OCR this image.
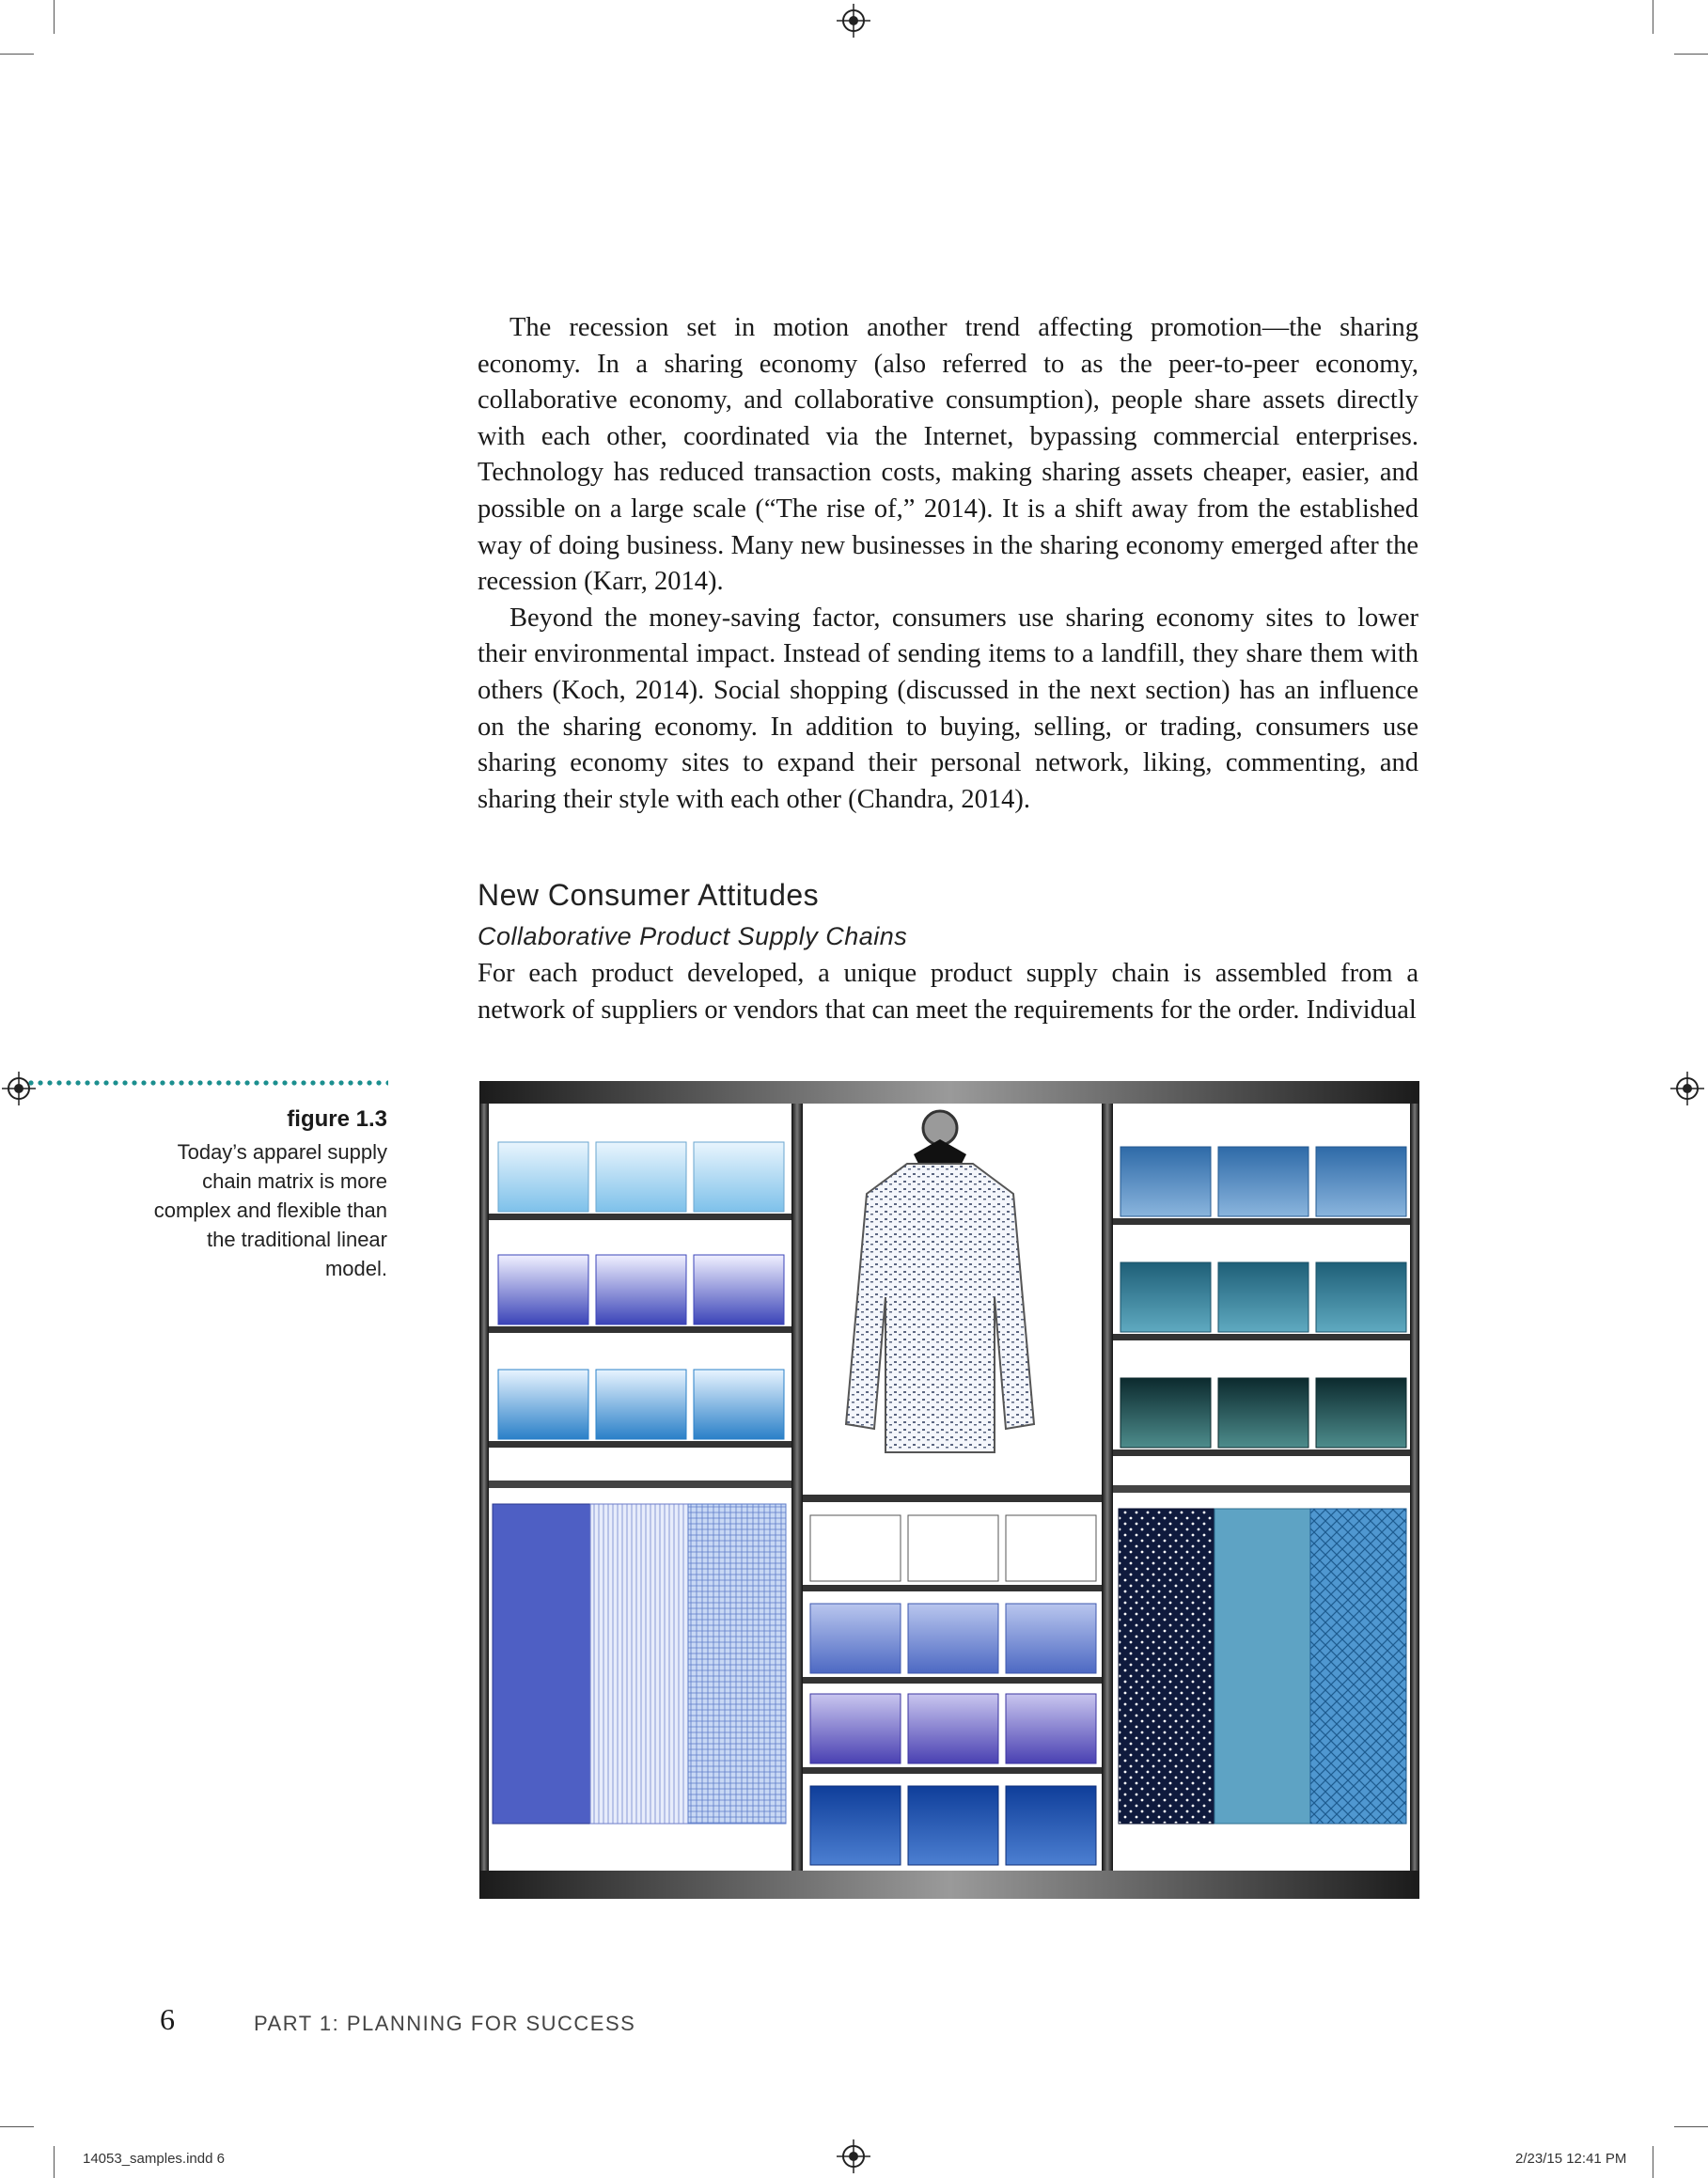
The recession set in motion another trend affecting promotion—the sharing economy. In a sharing economy (also referred to as the peer-to-peer economy, collaborative economy, and collaborative consumption), people share assets directly with each other, coordinated via the Internet, bypassing commercial enterprises. Technology has reduced transaction costs, making sharing assets cheaper, easier, and possible on a large scale (“The rise of,” 2014). It is a shift away from the established way of doing business. Many new businesses in the sharing economy emerged after the recession (Karr, 2014).

Beyond the money-saving factor, consumers use sharing economy sites to lower their environmental impact. Instead of sending items to a landfill, they share them with others (Koch, 2014). Social shopping (discussed in the next section) has an influence on the sharing economy. In addition to buying, selling, or trading, consumers use sharing economy sites to expand their personal network, liking, commenting, and sharing their style with each other (Chandra, 2014).

New Consumer Attitudes
Collaborative Product Supply Chains

For each product developed, a unique product supply chain is assembled from a network of suppliers or vendors that can meet the requirements for the order. Individual

figure 1.3
Today’s apparel supply chain matrix is more complex and flexible than the traditional linear model.
6	PART 1: PLANNING FOR SUCCESS
14053_samples.indd 6	2/23/15 12:41 PM
